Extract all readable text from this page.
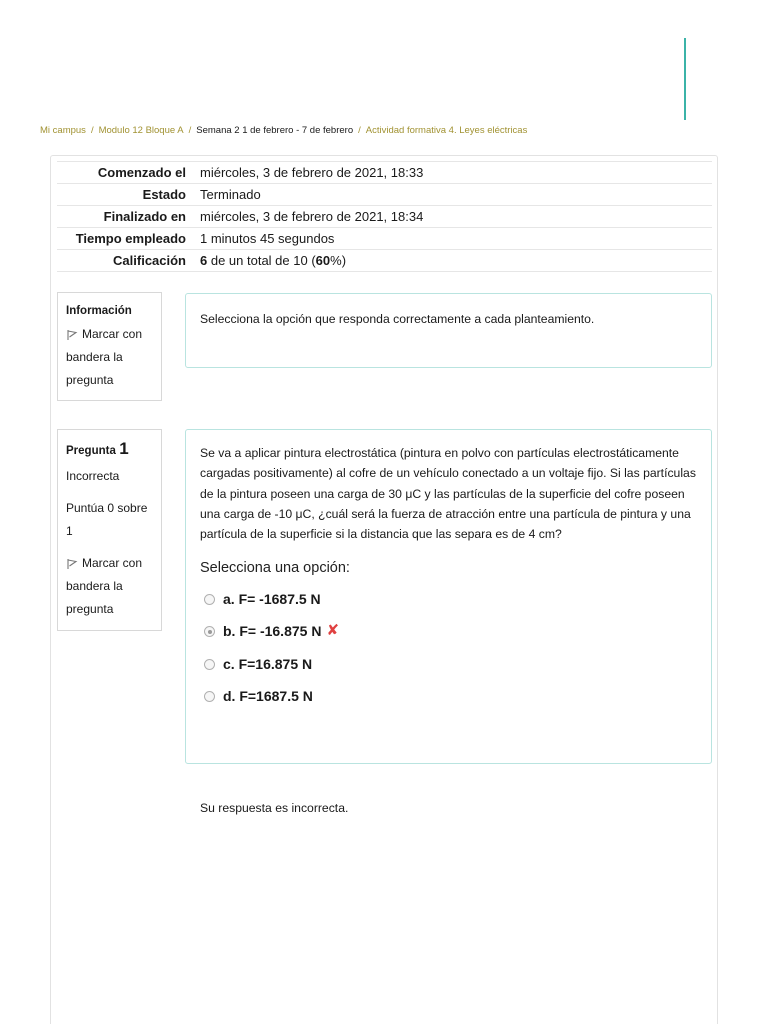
Mi campus / Modulo 12 Bloque A / Semana 2 1 de febrero - 7 de febrero / Actividad formativa 4. Leyes eléctricas
Comenzado el	miércoles, 3 de febrero de 2021, 18:33
Estado	Terminado
Finalizado en	miércoles, 3 de febrero de 2021, 18:34
Tiempo empleado	1 minutos 45 segundos
Calificación	6 de un total de 10 (60%)
Información
Marcar con bandera la pregunta
Selecciona la opción que responda correctamente a cada planteamiento.
Pregunta 1
Incorrecta
Puntúa 0 sobre 1
Marcar con bandera la pregunta
Se va a aplicar pintura electrostática (pintura en polvo con partículas electrostáticamente cargadas positivamente) al cofre de un vehículo conectado a un voltaje fijo. Si las partículas de la pintura poseen una carga de 30 μC y las partículas de la superficie del cofre poseen una carga de -10 μC, ¿cuál será la fuerza de atracción entre una partícula de pintura y una partícula de la superficie si la distancia que las separa es de 4 cm?
Selecciona una opción:
a. F= -1687.5 N
b. F= -16.875 N ✘
c. F=16.875 N
d. F=1687.5 N
Su respuesta es incorrecta.
